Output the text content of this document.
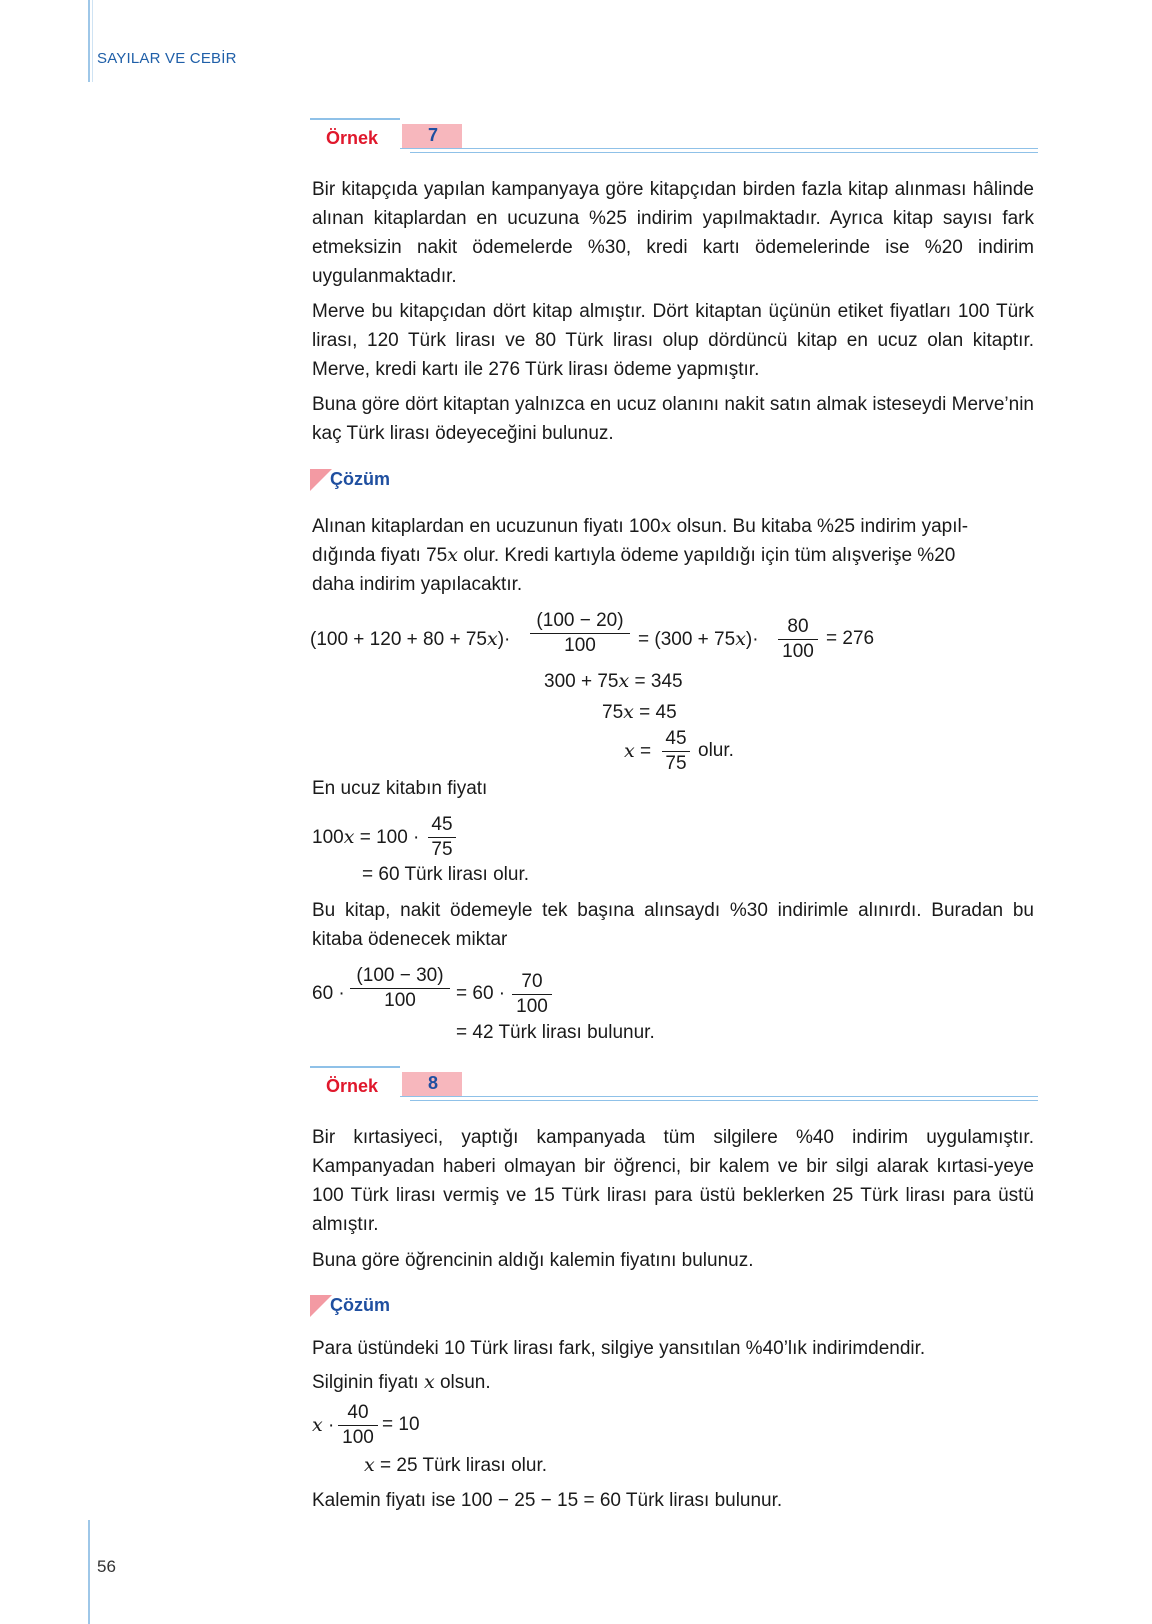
SAYILAR VE CEBİR
Örnek	7
Bir kitapçıda yapılan kampanyaya göre kitapçıdan birden fazla kitap alınması hâlinde alınan kitaplardan en ucuzuna %25 indirim yapılmaktadır. Ayrıca kitap sayısı fark etmeksizin nakit ödemelerde %30, kredi kartı ödemelerinde ise %20 indirim uygulanmaktadır.
Merve bu kitapçıdan dört kitap almıştır. Dört kitaptan üçünün etiket fiyatları 100 Türk lirası, 120 Türk lirası ve 80 Türk lirası olup dördüncü kitap en ucuz olan kitaptır. Merve, kredi kartı ile 276 Türk lirası ödeme yapmıştır.
Buna göre dört kitaptan yalnızca en ucuz olanını nakit satın almak isteseydi Merve’nin kaç Türk lirası ödeyeceğini bulunuz.
Çözüm
Alınan kitaplardan en ucuzunun fiyatı 100x olsun. Bu kitaba %25 indirim yapıl-
dığında fiyatı 75x olur. Kredi kartıyla ödeme yapıldığı için tüm alışverişe %20
daha indirim yapılacaktır.
(100 + 120 + 80 + 75x)·
(100 − 20)
100	= (300 + 75x)·
80
100
= 276
300 + 75x = 345
75x = 45
x =
45
75
olur.
En ucuz kitabın fiyatı
100x = 100 ·
45
75
= 60 Türk lirası olur.
Bu kitap, nakit ödemeyle tek başına alınsaydı %30 indirimle alınırdı. Buradan bu kitaba ödenecek miktar
60 ·
(100 − 30)
100	= 60 ·
70
100
= 42 Türk lirası bulunur.
Örnek	8
Bir kırtasiyeci, yaptığı kampanyada tüm silgilere %40 indirim uygulamıştır. Kampanyadan haberi olmayan bir öğrenci, bir kalem ve bir silgi alarak kırtasi-yeye 100 Türk lirası vermiş ve 15 Türk lirası para üstü beklerken 25 Türk lirası para üstü almıştır.
Buna göre öğrencinin aldığı kalemin fiyatını bulunuz.
Çözüm
Para üstündeki 10 Türk lirası fark, silgiye yansıtılan %40’lık indirimdendir.
Silginin fiyatı x olsun.
x ·
40
100
= 10
x = 25 Türk lirası olur.
Kalemin fiyatı ise 100 − 25 − 15 = 60 Türk lirası bulunur.
56
